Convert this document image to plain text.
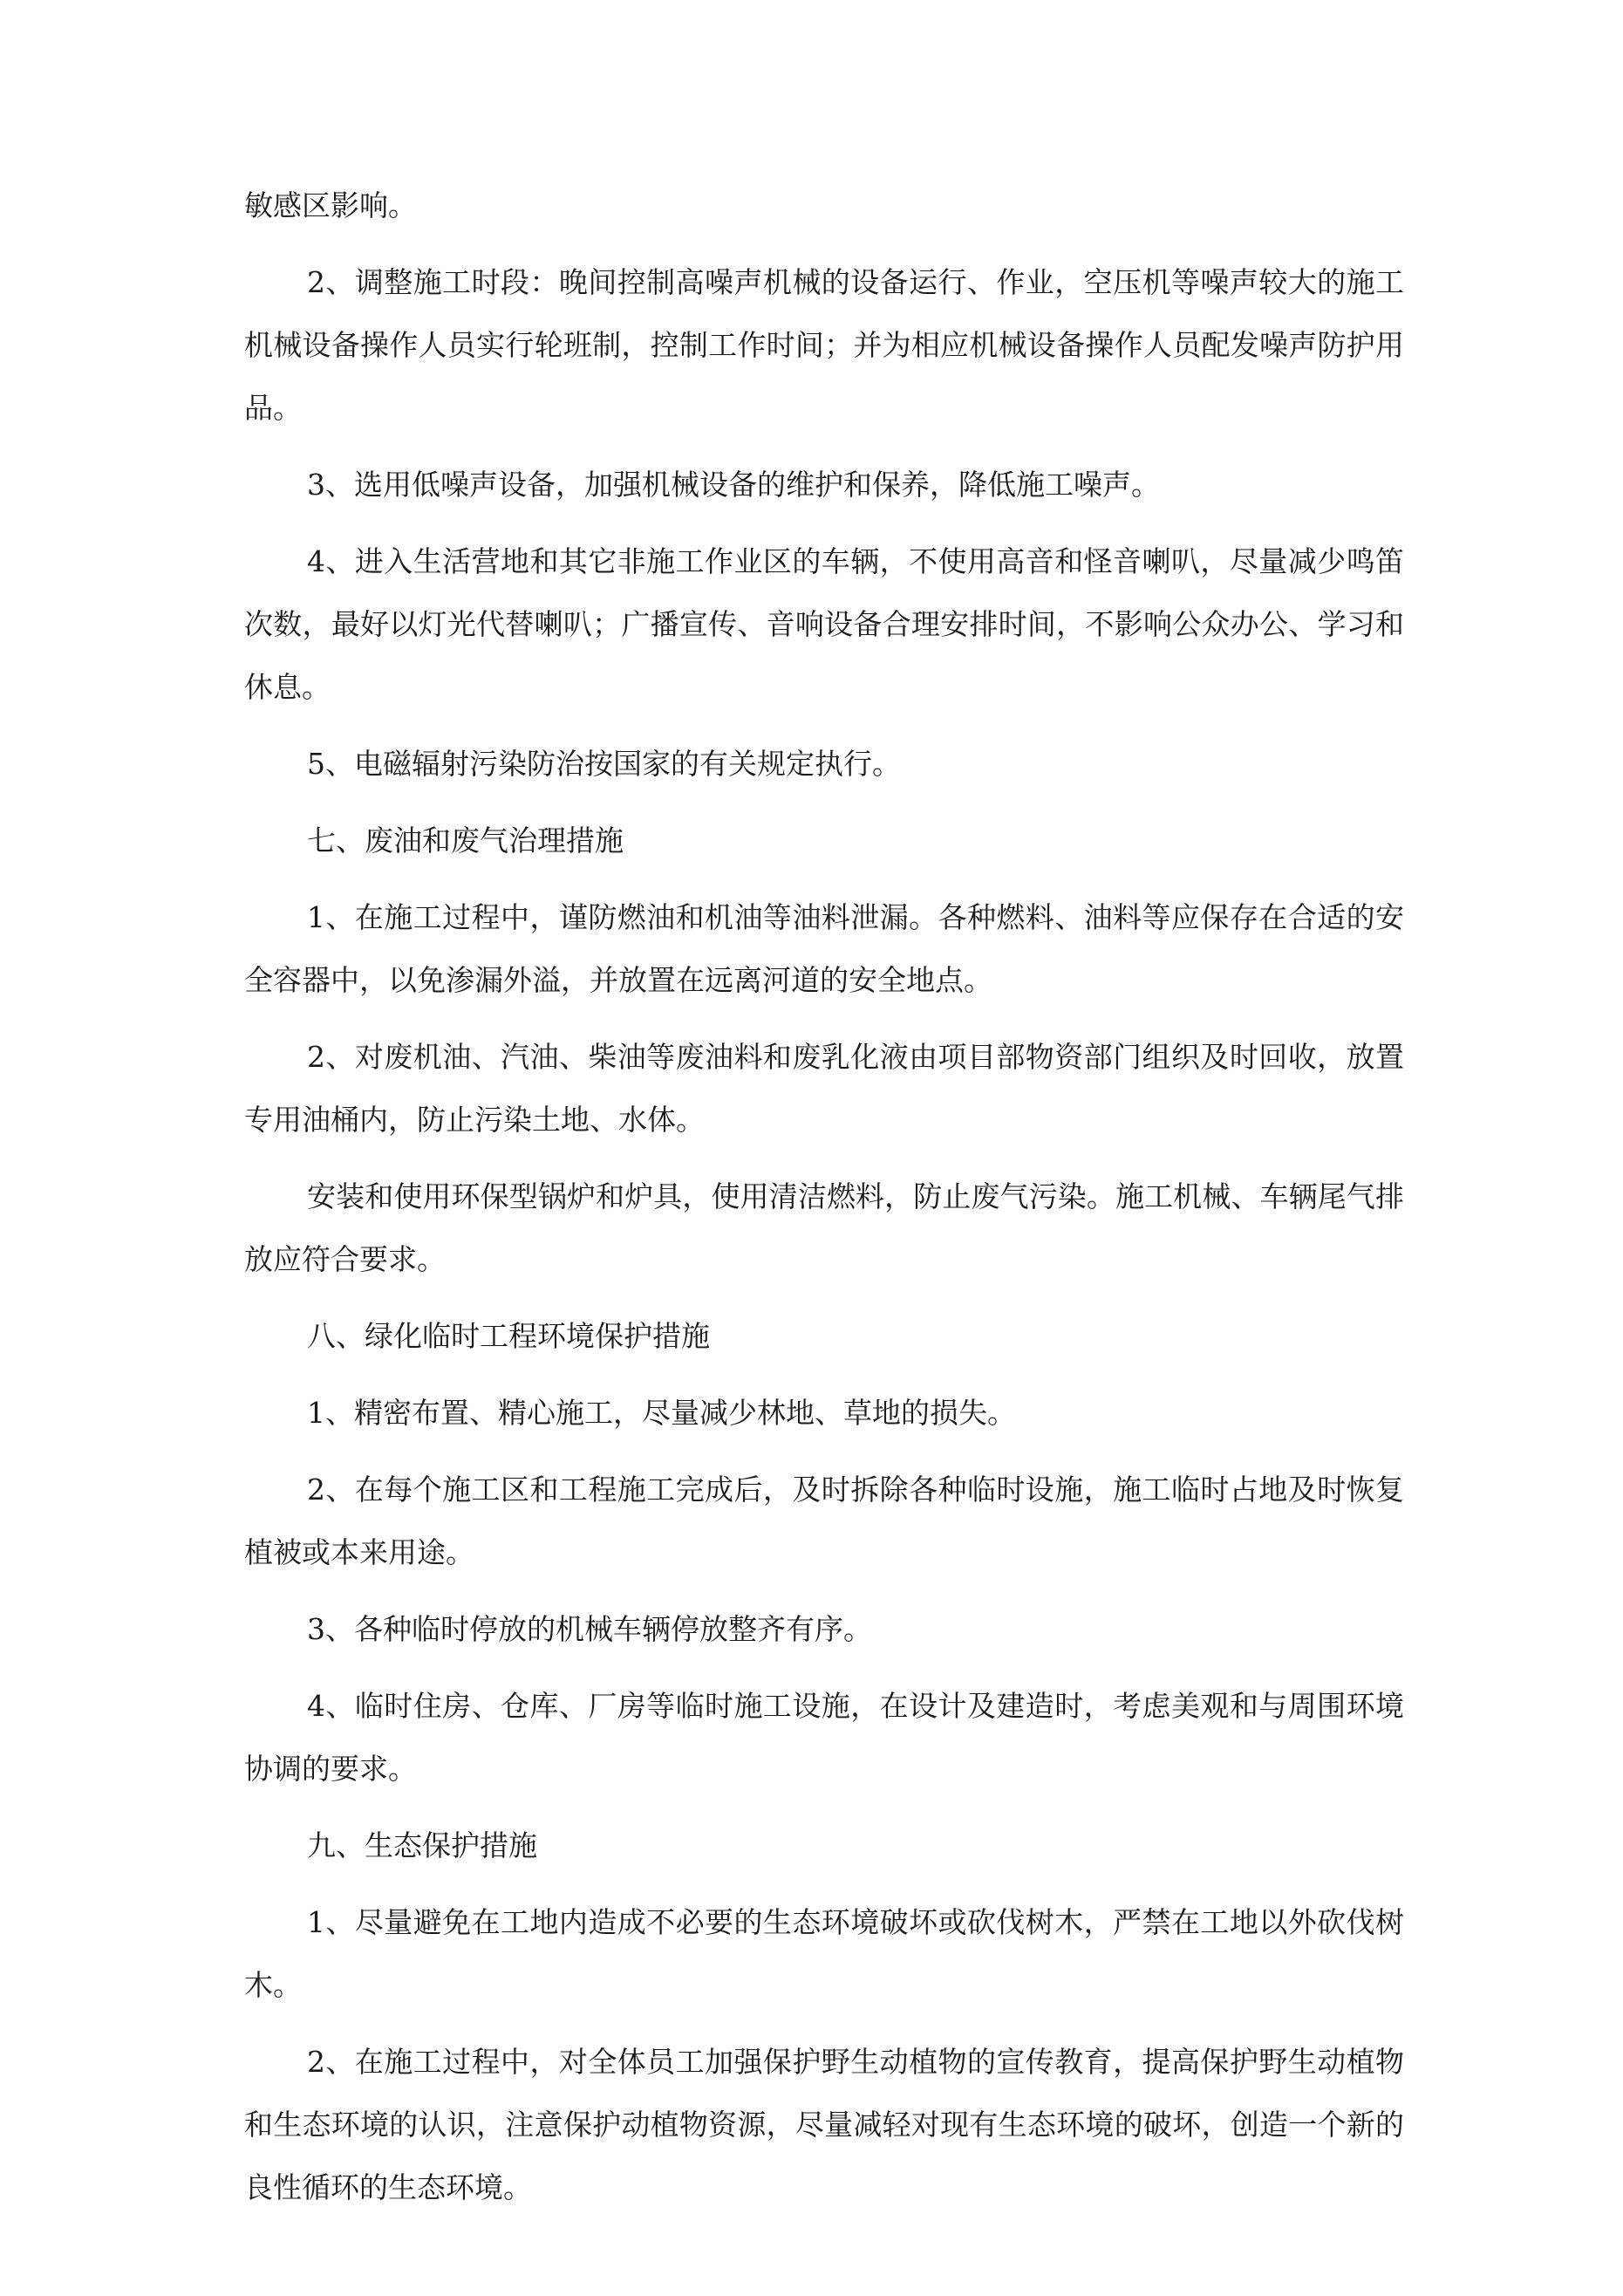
敏感区影响。

2、调整施工时段：晚间控制高噪声机械的设备运行、作业，空压机等噪声较大的施工机械设备操作人员实行轮班制，控制工作时间；并为相应机械设备操作人员配发噪声防护用品。

3、选用低噪声设备，加强机械设备的维护和保养，降低施工噪声。

4、进入生活营地和其它非施工作业区的车辆，不使用高音和怪音喇叭，尽量减少鸣笛次数，最好以灯光代替喇叭；广播宣传、音响设备合理安排时间，不影响公众办公、学习和休息。

5、电磁辐射污染防治按国家的有关规定执行。

七、废油和废气治理措施

1、在施工过程中，谨防燃油和机油等油料泄漏。各种燃料、油料等应保存在合适的安全容器中，以免渗漏外溢，并放置在远离河道的安全地点。

2、对废机油、汽油、柴油等废油料和废乳化液由项目部物资部门组织及时回收，放置专用油桶内，防止污染土地、水体。

安装和使用环保型锅炉和炉具，使用清洁燃料，防止废气污染。施工机械、车辆尾气排放应符合要求。

八、绿化临时工程环境保护措施

1、精密布置、精心施工，尽量减少林地、草地的损失。

2、在每个施工区和工程施工完成后，及时拆除各种临时设施，施工临时占地及时恢复植被或本来用途。

3、各种临时停放的机械车辆停放整齐有序。

4、临时住房、仓库、厂房等临时施工设施，在设计及建造时，考虑美观和与周围环境协调的要求。

九、生态保护措施

1、尽量避免在工地内造成不必要的生态环境破坏或砍伐树木，严禁在工地以外砍伐树木。

2、在施工过程中，对全体员工加强保护野生动植物的宣传教育，提高保护野生动植物和生态环境的认识，注意保护动植物资源，尽量减轻对现有生态环境的破坏，创造一个新的良性循环的生态环境。
